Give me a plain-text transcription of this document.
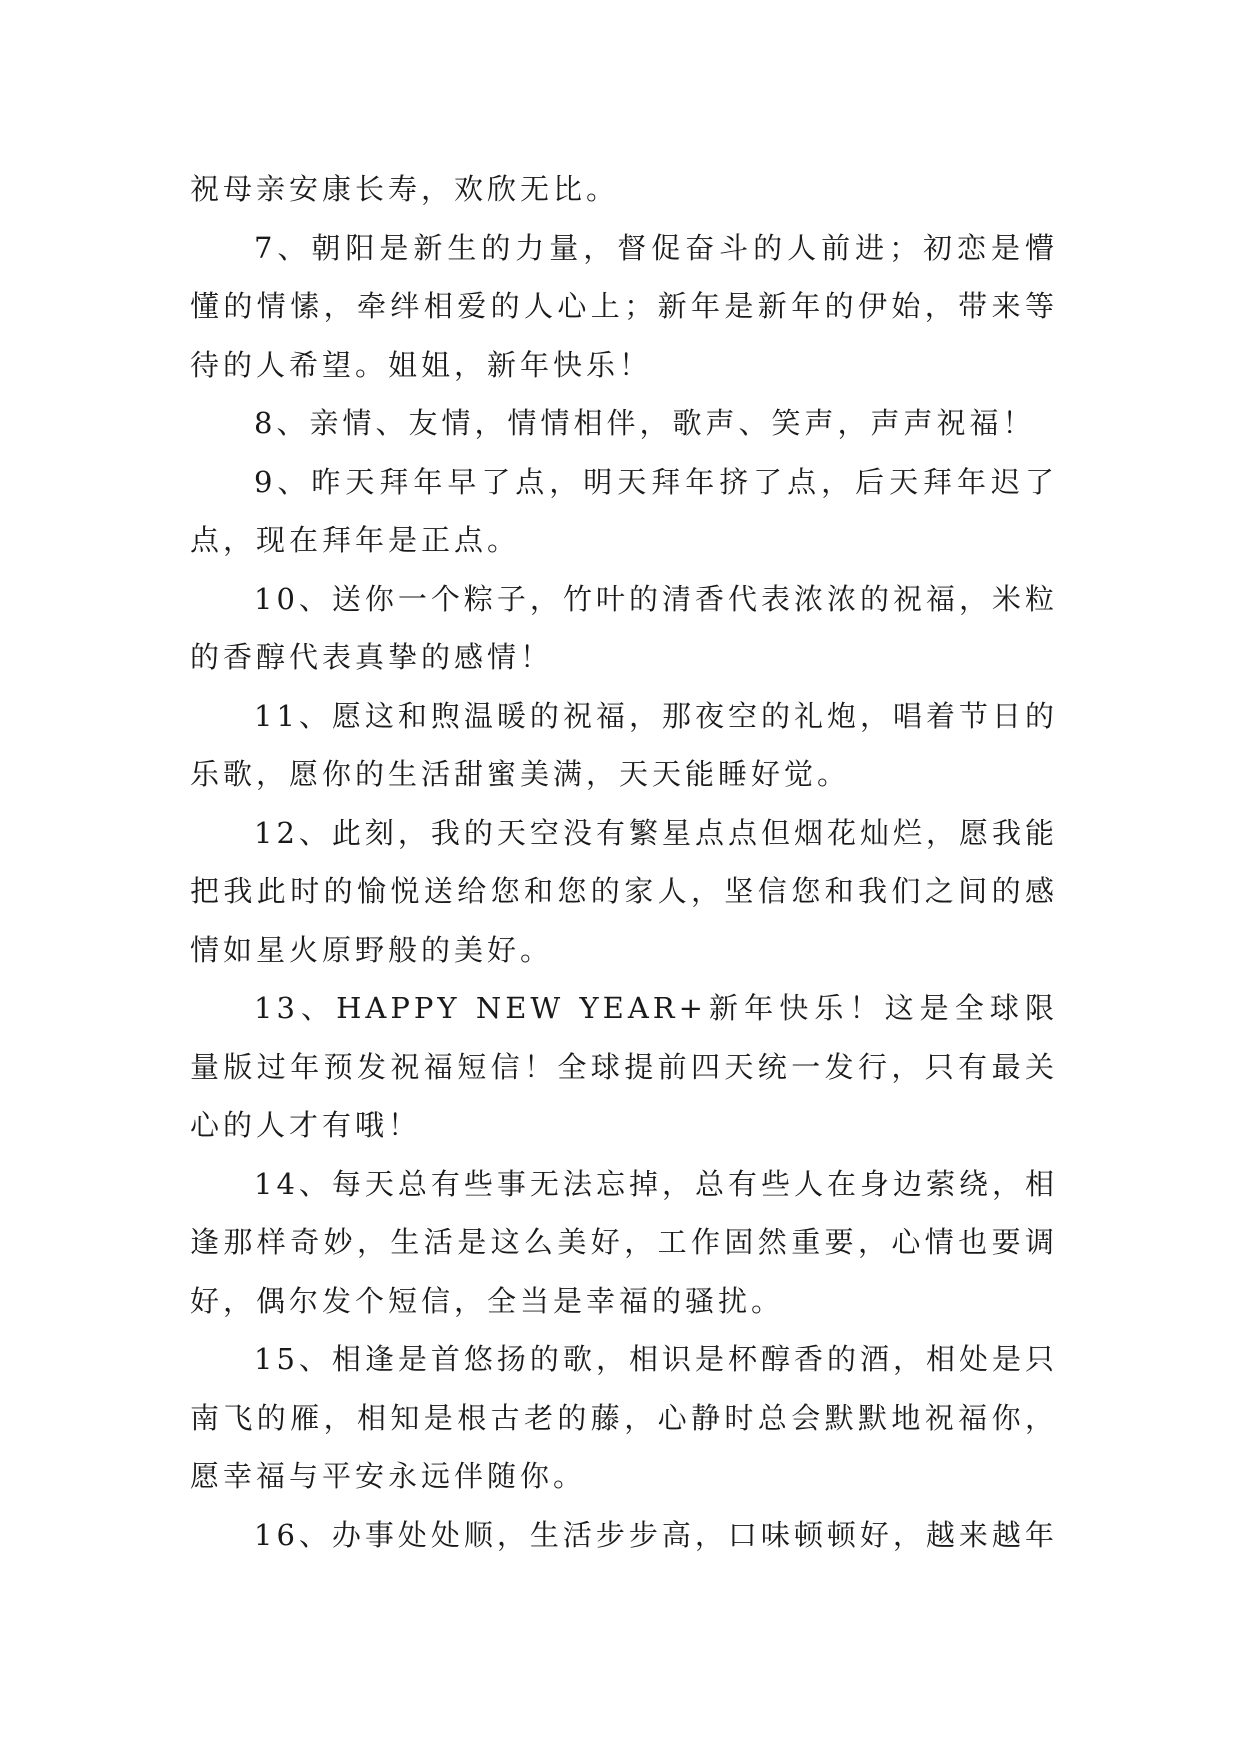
祝母亲安康长寿，欢欣无比。

7、朝阳是新生的力量，督促奋斗的人前进；初恋是懵懂的情愫，牵绊相爱的人心上；新年是新年的伊始，带来等待的人希望。姐姐，新年快乐！

8、亲情、友情，情情相伴，歌声、笑声，声声祝福！

9、昨天拜年早了点，明天拜年挤了点，后天拜年迟了点，现在拜年是正点。

10、送你一个粽子，竹叶的清香代表浓浓的祝福，米粒的香醇代表真挚的感情！

11、愿这和煦温暖的祝福，那夜空的礼炮，唱着节日的乐歌，愿你的生活甜蜜美满，天天能睡好觉。

12、此刻，我的天空没有繁星点点但烟花灿烂，愿我能把我此时的愉悦送给您和您的家人，坚信您和我们之间的感情如星火原野般的美好。

13、HAPPY NEW YEAR+新年快乐！这是全球限量版过年预发祝福短信！全球提前四天统一发行，只有最关心的人才有哦！

14、每天总有些事无法忘掉，总有些人在身边萦绕，相逢那样奇妙，生活是这么美好，工作固然重要，心情也要调好，偶尔发个短信，全当是幸福的骚扰。

15、相逢是首悠扬的歌，相识是杯醇香的酒，相处是只南飞的雁，相知是根古老的藤，心静时总会默默地祝福你，愿幸福与平安永远伴随你。

16、办事处处顺，生活步步高，口味顿顿好，越来越年
